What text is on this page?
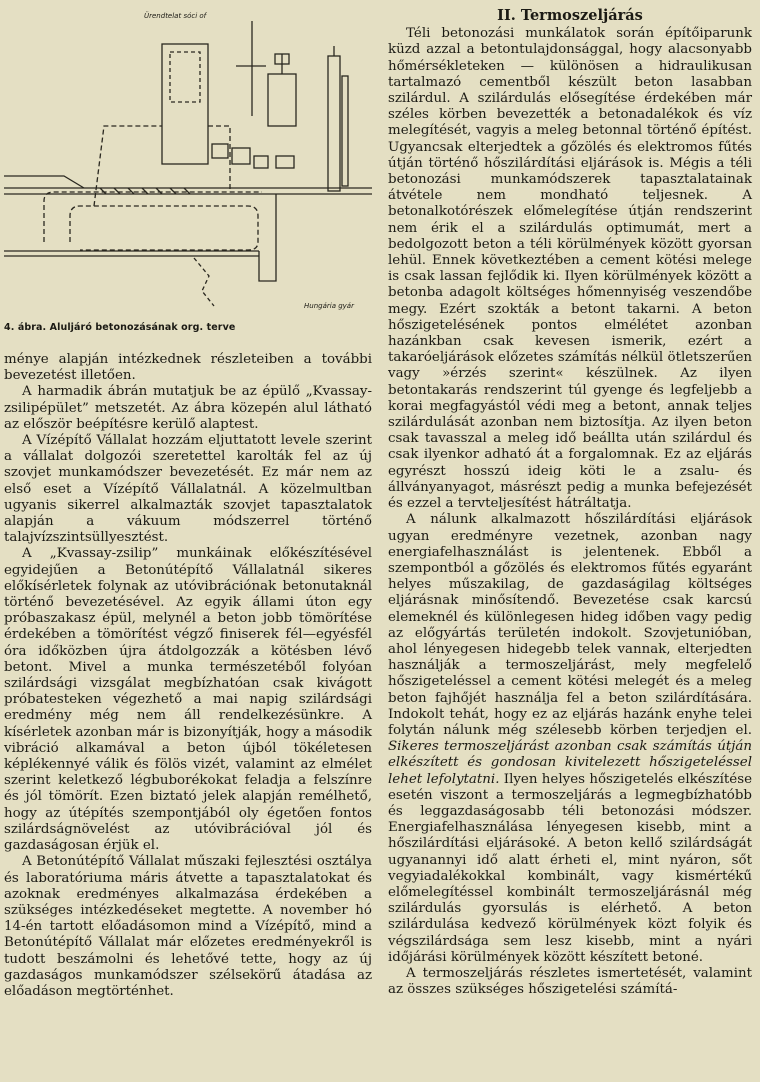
Ürendtelat sóci of
Hungária gyár
4. ábra. Aluljáró betonozásának org. terve

ménye alapján intézkednek részleteiben a további bevezetést illetően.

A harmadik ábrán mutatjuk be az épülő „Kvassay-zsilipépület” metszetét. Az ábra közepén alul látható az először beépítésre kerülő alaptest.

A Vízépítő Vállalat hozzám eljuttatott levele szerint a vállalat dolgozói szeretettel karolták fel az új szovjet munkamódszer bevezetését. Ez már nem az első eset a Vízépítő Vállalatnál. A közelmultban ugyanis sikerrel alkalmazták szovjet tapasztalatok alapján a vákuum módszerrel történő talajvízszintsüllyesztést.

A „Kvassay-zsilip” munkáinak előkészítésével egyidejűen a Betonútépítő Vállalatnál sikeres előkísérletek folynak az utóvibrációnak betonutaknál történő bevezetésével. Az egyik állami úton egy próbaszakasz épül, melynél a beton jobb tömörítése érdekében a tömörítést végző finiserek fél—egyésfél óra időközben újra átdolgozzák a kötésben lévő betont. Mivel a munka természetéből folyóan szilárdsági vizsgálat megbízhatóan csak kivágott próbatesteken végezhető a mai napig szilárdsági eredmény még nem áll rendelkezésünkre. A kísérletek azonban már is bizonyítják, hogy a második vibráció alkamával a beton újból tökéletesen képlékennyé válik és fölös vizét, valamint az elmélet szerint keletkező légbuborékokat feladja a felszínre és jól tömörít. Ezen biztató jelek alapján remélhető, hogy az útépítés szempontjából oly égetően fontos szilárdságnövelést az utóvibrációval jól és gazdaságosan érjük el.

A Betonútépítő Vállalat műszaki fejlesztési osztálya és laboratóriuma máris átvette a tapasztalatokat és azoknak eredményes alkalmazása érdekében a szükséges intézkedéseket megtette. A november hó 14-én tartott előadásomon mind a Vízépítő, mind a Betonútépítő Vállalat már előzetes eredményekről is tudott beszámolni és lehetővé tette, hogy az új gazdaságos munkamódszer szélsekörű átadása az előadáson megtörténhet.

II. Termoszeljárás

Téli betonozási munkálatok során építőiparunk küzd azzal a betontulajdonsággal, hogy alacsonyabb hőmérsékleteken — különösen a hidraulikusan tartalmazó cementből készült beton lasabban szilárdul. A szilárdulás elősegítése érdekében már széles körben bevezették a betonadalékok és víz melegítését, vagyis a meleg betonnal történő építést. Ugyancsak elterjedtek a gőzölés és elektromos fűtés útján történő hőszilárdítási eljárások is. Mégis a téli betonozási munkamódszerek tapasztalatainak átvétele nem mondható teljesnek. A betonalkotórészek előmelegítése útján rendszerint nem érik el a szilárdulás optimumát, mert a bedolgozott beton a téli körülmények között gyorsan lehül. Ennek következtében a cement kötési melege is csak lassan fejlődik ki. Ilyen körülmények között a betonba adagolt költséges hőmennyiség veszendőbe megy. Ezért szokták a betont takarni. A beton hőszigetelésének pontos elmélétet azonban hazánkban csak kevesen ismerik, ezért a takaróeljárások előzetes számítás nélkül ötletszerűen vagy »érzés szerint« készülnek. Az ilyen betontakarás rendszerint túl gyenge és legfeljebb a korai megfagyástól védi meg a betont, annak teljes szilárdulását azonban nem biztosítja. Az ilyen beton csak tavasszal a meleg idő beállta után szilárdul és csak ilyenkor adható át a forgalomnak. Ez az eljárás egyrészt hosszú ideig köti le a zsalu- és állványanyagot, másrészt pedig a munka befejezését és ezzel a tervteljesítést hátráltatja.

A nálunk alkalmazott hőszilárdítási eljárások ugyan eredményre vezetnek, azonban nagy energiafelhasználást is jelentenek. Ebből a szempontból a gőzölés és elektromos fűtés egyaránt helyes műszakilag, de gazdaságilag költséges eljárásnak minősítendő. Bevezetése csak karcsú elemeknél és különlegesen hideg időben vagy pedig az előgyártás területén indokolt. Szovjetunióban, ahol lényegesen hidegebb telek vannak, elterjedten használják a termoszeljárást, mely megfelelő hőszigeteléssel a cement kötési melegét és a meleg beton fajhőjét használja fel a beton szilárdítására. Indokolt tehát, hogy ez az eljárás hazánk enyhe telei folytán nálunk még szélesebb körben terjedjen el. Sikeres termoszeljárást azonban csak számítás útján elkészített és gondosan kivitelezett hőszigeteléssel lehet lefolytatni. Ilyen helyes hőszigetelés elkészítése esetén viszont a termoszeljárás a legmegbízhatóbb és leggazdaságosabb téli betonozási módszer. Energiafelhasználása lényegesen kisebb, mint a hőszilárdítási eljárásoké. A beton kellő szilárdságát ugyanannyi idő alatt érheti el, mint nyáron, sőt vegyiadalékokkal kombinált, vagy kismértékű előmelegítéssel kombinált termoszeljárásnál még szilárdulás gyorsulás is elérhető. A beton szilárdulása kedvező körülmények közt folyik és végszilárdsága sem lesz kisebb, mint a nyári időjárási körülmények között készített betoné.

A termoszeljárás részletes ismertetését, valamint az összes szükséges hőszigetelési számítá-
